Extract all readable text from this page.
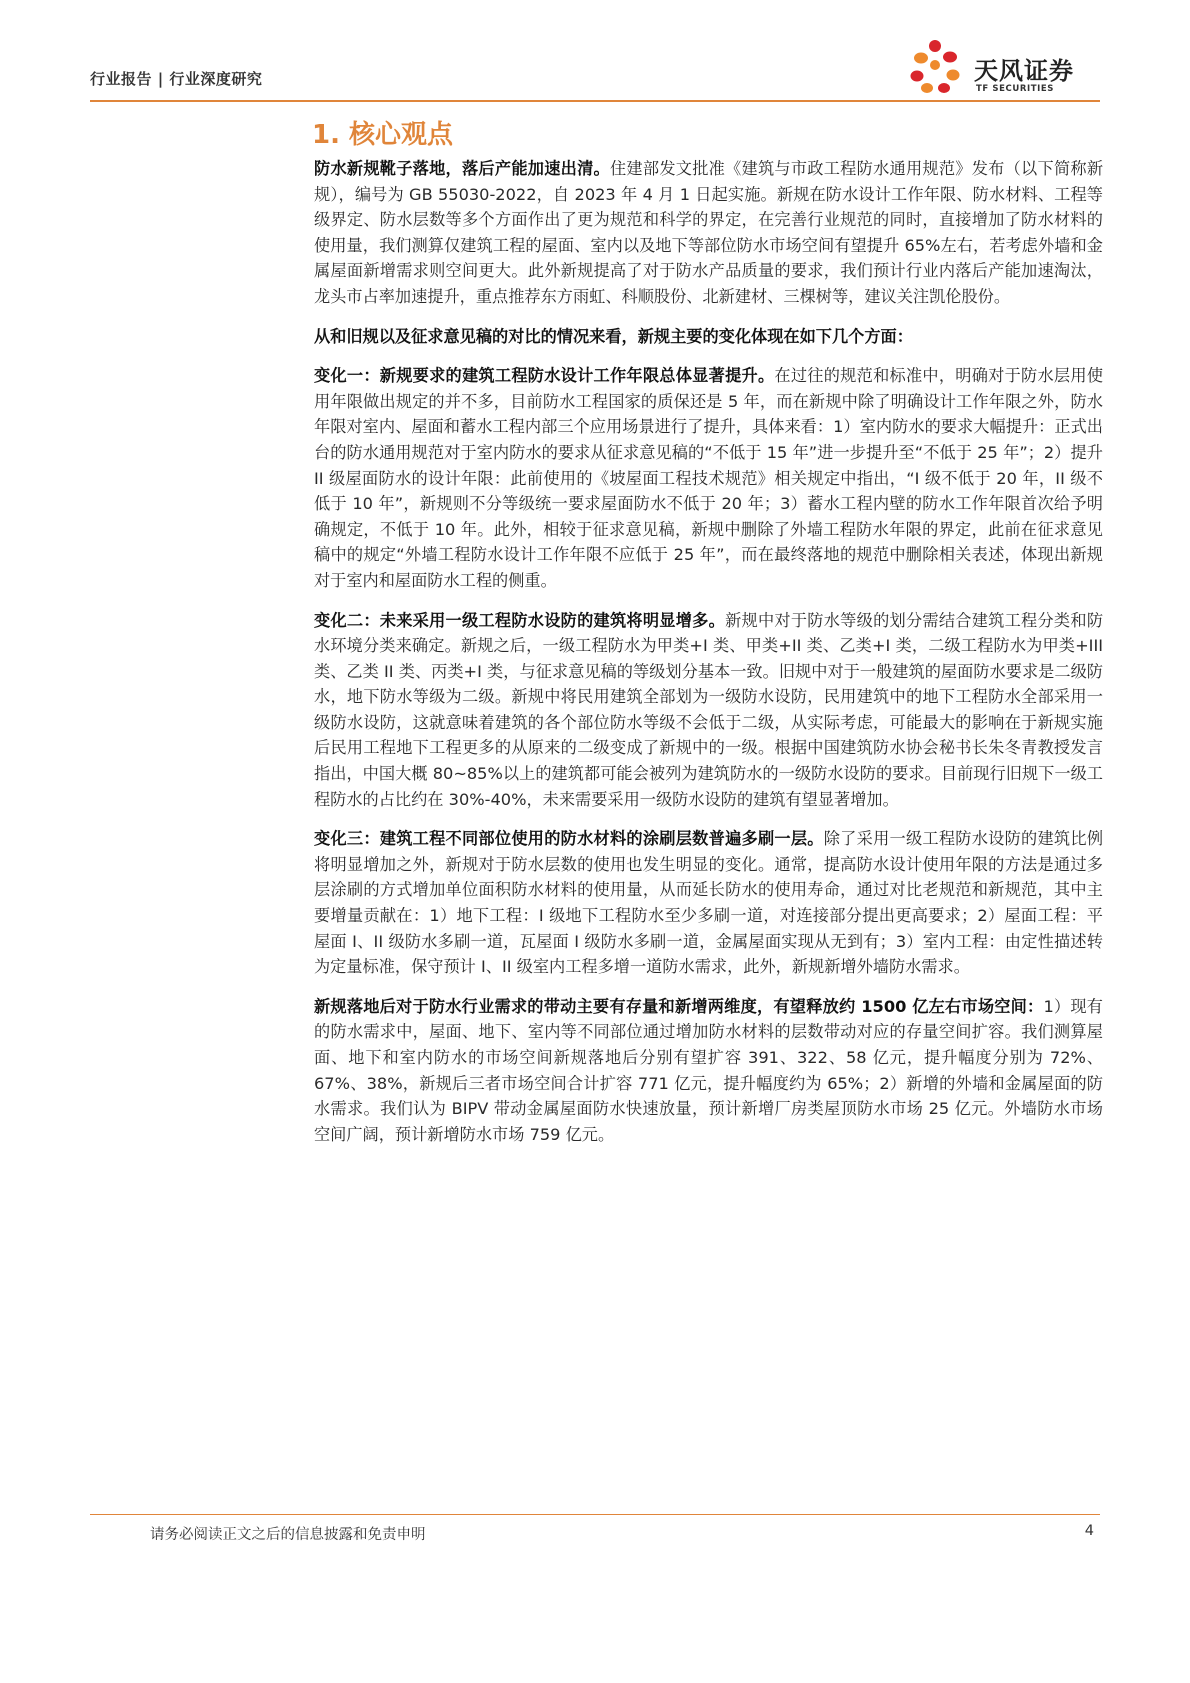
行业报告 | 行业深度研究	天风证券
TF SECURITIES
1. 核心观点

防水新规靴子落地，落后产能加速出清。住建部发文批准《建筑与市政工程防水通用规范》发布（以下简称新规），编号为 GB 55030-2022，自 2023 年 4 月 1 日起实施。新规在防水设计工作年限、防水材料、工程等级界定、防水层数等多个方面作出了更为规范和科学的界定，在完善行业规范的同时，直接增加了防水材料的使用量，我们测算仅建筑工程的屋面、室内以及地下等部位防水市场空间有望提升 65%左右，若考虑外墙和金属屋面新增需求则空间更大。此外新规提高了对于防水产品质量的要求，我们预计行业内落后产能加速淘汰，龙头市占率加速提升，重点推荐东方雨虹、科顺股份、北新建材、三棵树等，建议关注凯伦股份。

从和旧规以及征求意见稿的对比的情况来看，新规主要的变化体现在如下几个方面：

变化一：新规要求的建筑工程防水设计工作年限总体显著提升。在过往的规范和标准中，明确对于防水层用使用年限做出规定的并不多，目前防水工程国家的质保还是 5 年，而在新规中除了明确设计工作年限之外，防水年限对室内、屋面和蓄水工程内部三个应用场景进行了提升，具体来看：1）室内防水的要求大幅提升：正式出台的防水通用规范对于室内防水的要求从征求意见稿的“不低于 15 年”进一步提升至“不低于 25 年”；2）提升 II 级屋面防水的设计年限：此前使用的《坡屋面工程技术规范》相关规定中指出，“I 级不低于 20 年，II 级不低于 10 年”，新规则不分等级统一要求屋面防水不低于 20 年；3）蓄水工程内壁的防水工作年限首次给予明确规定，不低于 10 年。此外，相较于征求意见稿，新规中删除了外墙工程防水年限的界定，此前在征求意见稿中的规定“外墙工程防水设计工作年限不应低于 25 年”，而在最终落地的规范中删除相关表述，体现出新规对于室内和屋面防水工程的侧重。

变化二：未来采用一级工程防水设防的建筑将明显增多。新规中对于防水等级的划分需结合建筑工程分类和防水环境分类来确定。新规之后，一级工程防水为甲类+I 类、甲类+II 类、乙类+I 类，二级工程防水为甲类+III 类、乙类 II 类、丙类+I 类，与征求意见稿的等级划分基本一致。旧规中对于一般建筑的屋面防水要求是二级防水，地下防水等级为二级。新规中将民用建筑全部划为一级防水设防，民用建筑中的地下工程防水全部采用一级防水设防，这就意味着建筑的各个部位防水等级不会低于二级，从实际考虑，可能最大的影响在于新规实施后民用工程地下工程更多的从原来的二级变成了新规中的一级。根据中国建筑防水协会秘书长朱冬青教授发言指出，中国大概 80~85%以上的建筑都可能会被列为建筑防水的一级防水设防的要求。目前现行旧规下一级工程防水的占比约在 30%-40%，未来需要采用一级防水设防的建筑有望显著增加。

变化三：建筑工程不同部位使用的防水材料的涂刷层数普遍多刷一层。除了采用一级工程防水设防的建筑比例将明显增加之外，新规对于防水层数的使用也发生明显的变化。通常，提高防水设计使用年限的方法是通过多层涂刷的方式增加单位面积防水材料的使用量，从而延长防水的使用寿命，通过对比老规范和新规范，其中主要增量贡献在：1）地下工程：I 级地下工程防水至少多刷一道，对连接部分提出更高要求；2）屋面工程：平屋面 I、II 级防水多刷一道，瓦屋面 I 级防水多刷一道，金属屋面实现从无到有；3）室内工程：由定性描述转为定量标准，保守预计 I、II 级室内工程多增一道防水需求，此外，新规新增外墙防水需求。

新规落地后对于防水行业需求的带动主要有存量和新增两维度，有望释放约 1500 亿左右市场空间：1）现有的防水需求中，屋面、地下、室内等不同部位通过增加防水材料的层数带动对应的存量空间扩容。我们测算屋面、地下和室内防水的市场空间新规落地后分别有望扩容 391、322、58 亿元，提升幅度分别为 72%、67%、38%，新规后三者市场空间合计扩容 771 亿元，提升幅度约为 65%；2）新增的外墙和金属屋面的防水需求。我们认为 BIPV 带动金属屋面防水快速放量，预计新增厂房类屋顶防水市场 25 亿元。外墙防水市场空间广阔，预计新增防水市场 759 亿元。

请务必阅读正文之后的信息披露和免责申明	4
